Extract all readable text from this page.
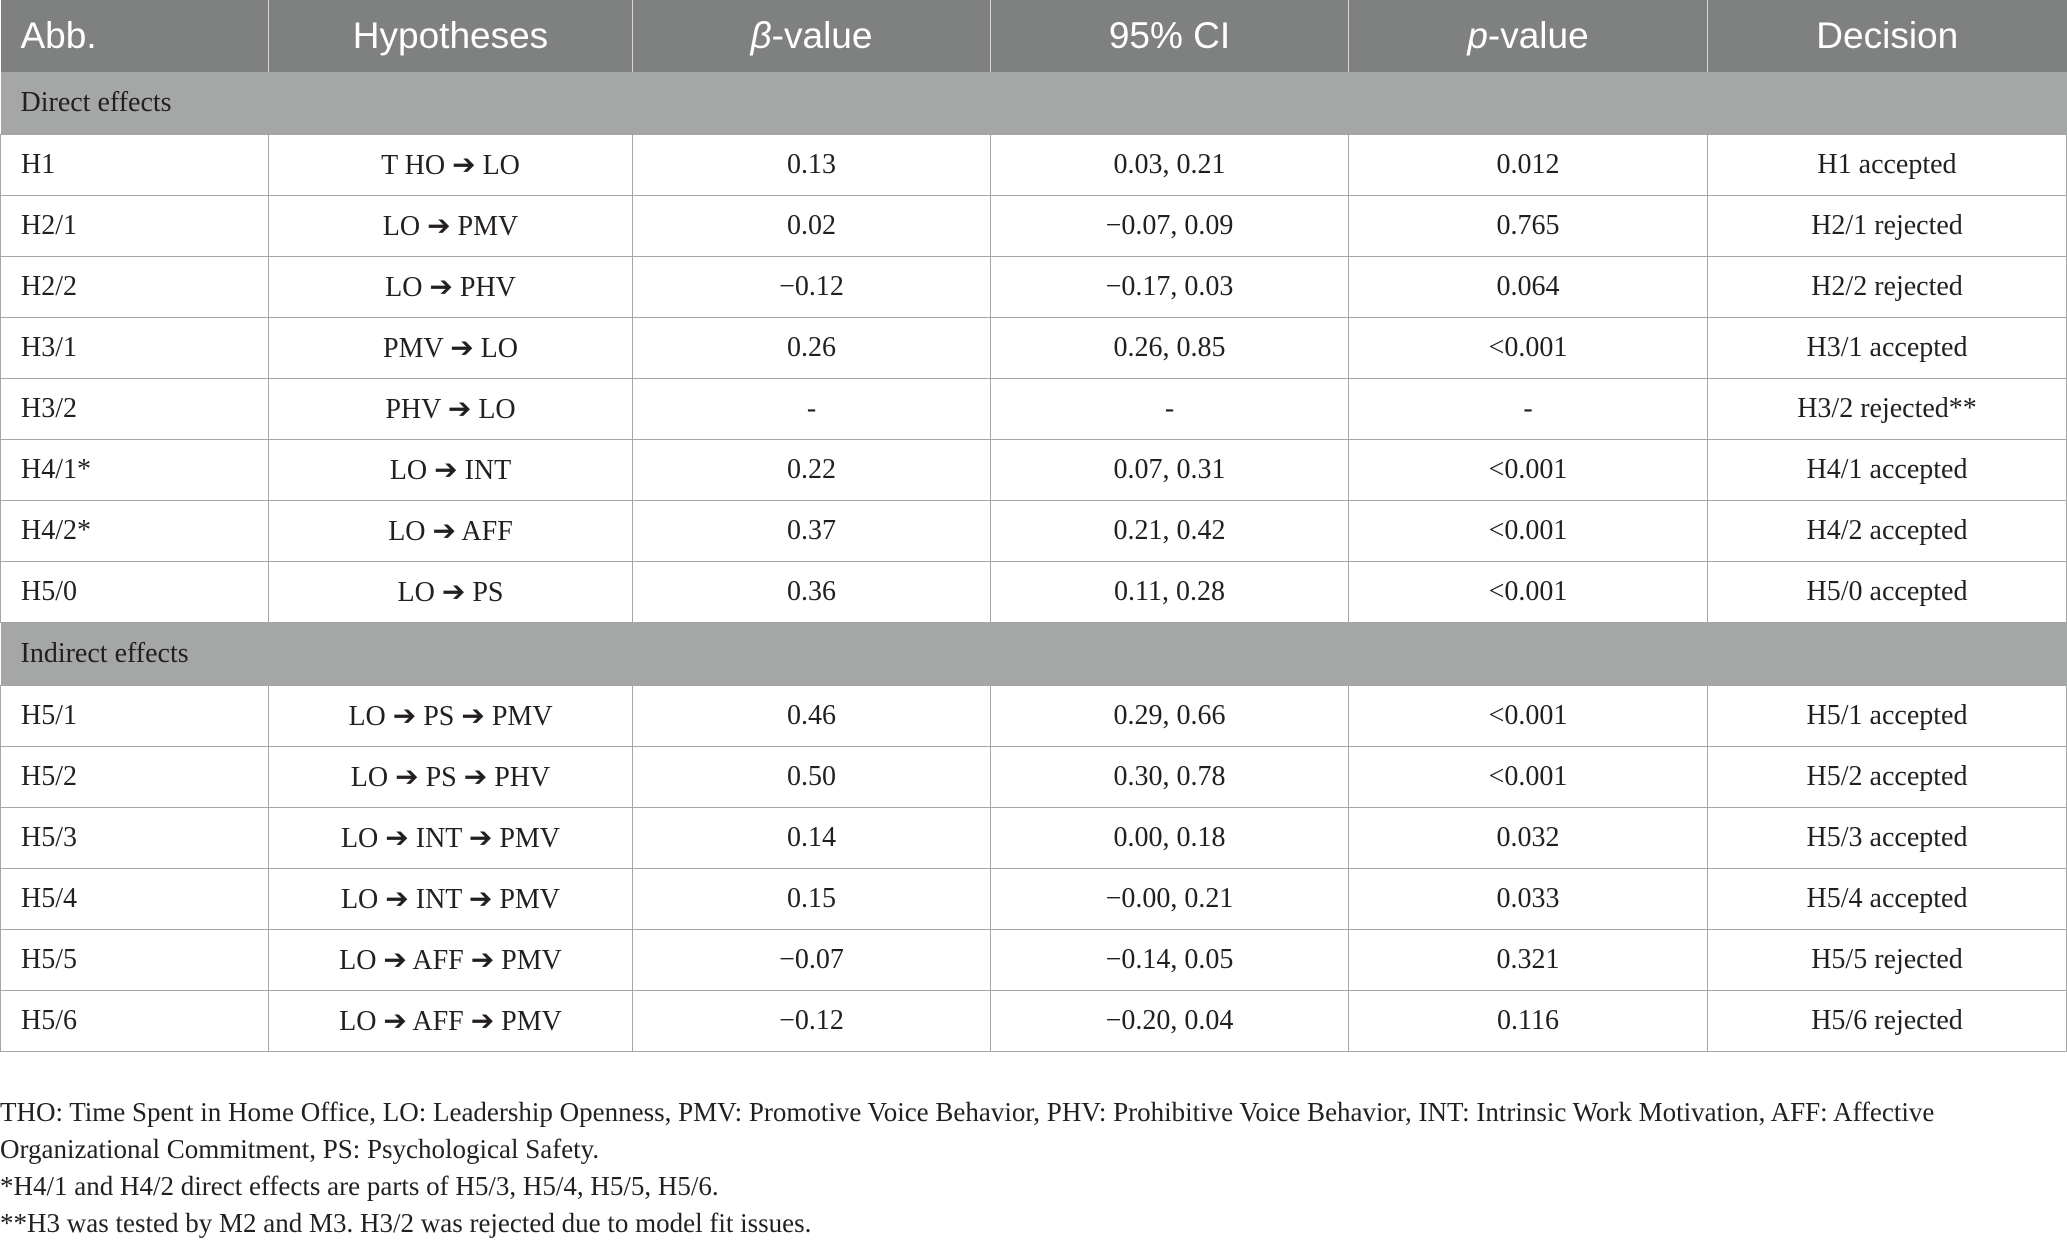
Abb.	Hypotheses	β-value	95% CI	p-value	Decision
Direct effects					
H1	T HO ➔ LO	0.13	0.03, 0.21	0.012	H1 accepted
H2/1	LO ➔ PMV	0.02	−0.07, 0.09	0.765	H2/1 rejected
H2/2	LO ➔ PHV	−0.12	−0.17, 0.03	0.064	H2/2 rejected
H3/1	PMV ➔ LO	0.26	0.26, 0.85	<0.001	H3/1 accepted
H3/2	PHV ➔ LO	-	-	-	H3/2 rejected**
H4/1*	LO ➔ INT	0.22	0.07, 0.31	<0.001	H4/1 accepted
H4/2*	LO ➔ AFF	0.37	0.21, 0.42	<0.001	H4/2 accepted
H5/0	LO ➔ PS	0.36	0.11, 0.28	<0.001	H5/0 accepted
Indirect effects					
H5/1	LO ➔ PS ➔ PMV	0.46	0.29, 0.66	<0.001	H5/1 accepted
H5/2	LO ➔ PS ➔ PHV	0.50	0.30, 0.78	<0.001	H5/2 accepted
H5/3	LO ➔ INT ➔ PMV	0.14	0.00, 0.18	0.032	H5/3 accepted
H5/4	LO ➔ INT ➔ PMV	0.15	−0.00, 0.21	0.033	H5/4 accepted
H5/5	LO ➔ AFF ➔ PMV	−0.07	−0.14, 0.05	0.321	H5/5 rejected
H5/6	LO ➔ AFF ➔ PMV	−0.12	−0.20, 0.04	0.116	H5/6 rejected

THO: Time Spent in Home Office, LO: Leadership Openness, PMV: Promotive Voice Behavior, PHV: Prohibitive Voice Behavior, INT: Intrinsic Work Motivation, AFF: Affective Organizational Commitment, PS: Psychological Safety.

*H4/1 and H4/2 direct effects are parts of H5/3, H5/4, H5/5, H5/6.

**H3 was tested by M2 and M3. H3/2 was rejected due to model fit issues.
